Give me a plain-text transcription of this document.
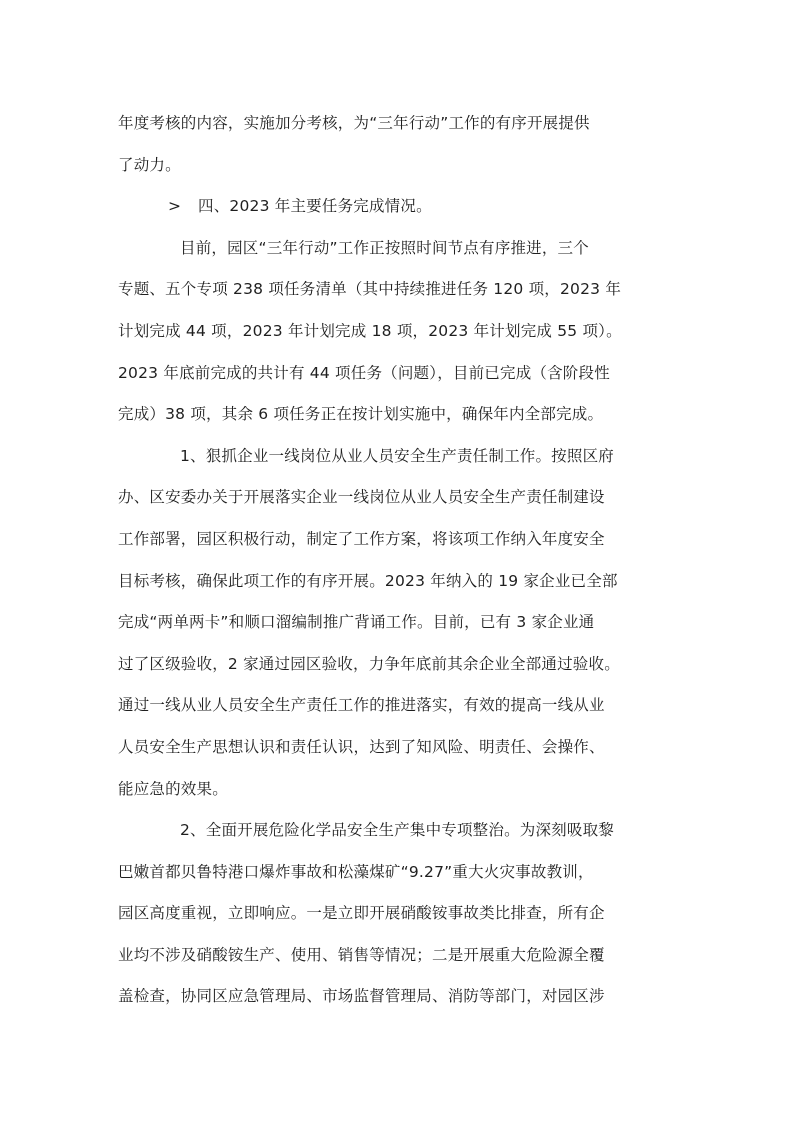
年度考核的内容，实施加分考核，为“三年行动”工作的有序开展提供
了动力。
> 四、2023 年主要任务完成情况。
目前，园区“三年行动”工作正按照时间节点有序推进，三个
专题、五个专项 238 项任务清单（其中持续推进任务 120 项，2023 年
计划完成 44 项，2023 年计划完成 18 项，2023 年计划完成 55 项）。
2023 年底前完成的共计有 44 项任务（问题），目前已完成（含阶段性
完成）38 项，其余 6 项任务正在按计划实施中，确保年内全部完成。
1、狠抓企业一线岗位从业人员安全生产责任制工作。按照区府
办、区安委办关于开展落实企业一线岗位从业人员安全生产责任制建设
工作部署，园区积极行动，制定了工作方案，将该项工作纳入年度安全
目标考核，确保此项工作的有序开展。2023 年纳入的 19 家企业已全部
完成“两单两卡”和顺口溜编制推广背诵工作。目前，已有 3 家企业通
过了区级验收，2 家通过园区验收，力争年底前其余企业全部通过验收。
通过一线从业人员安全生产责任工作的推进落实，有效的提高一线从业
人员安全生产思想认识和责任认识，达到了知风险、明责任、会操作、
能应急的效果。
2、全面开展危险化学品安全生产集中专项整治。为深刻吸取黎
巴嫩首都贝鲁特港口爆炸事故和松藻煤矿“9.27”重大火灾事故教训，
园区高度重视，立即响应。一是立即开展硝酸铵事故类比排查，所有企
业均不涉及硝酸铵生产、使用、销售等情况；二是开展重大危险源全覆
盖检查，协同区应急管理局、市场监督管理局、消防等部门，对园区涉
